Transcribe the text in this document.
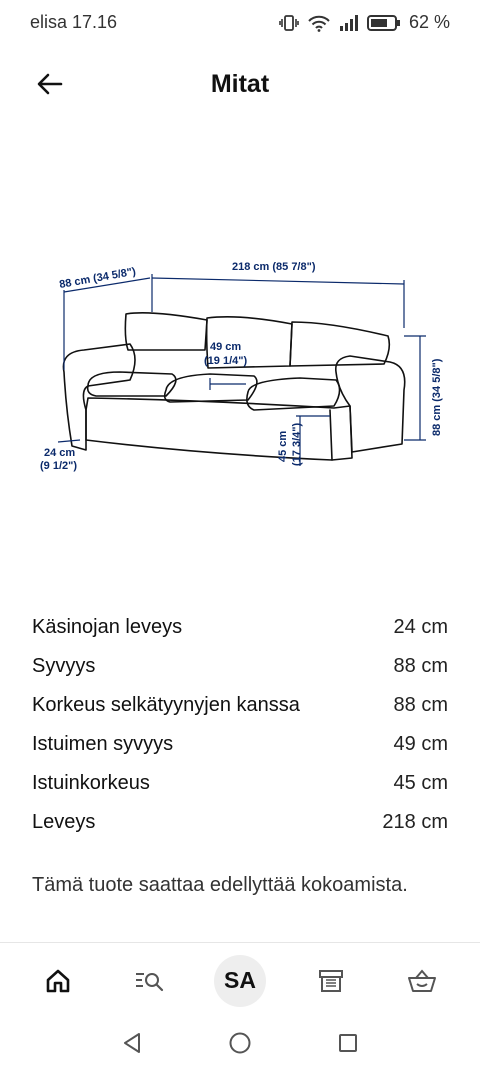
elisa 17.16	62 %
Mitat
218 cm (85 7/8")
88 cm (34 5/8")
88 cm (34 5/8")
49 cm
(19 1/4")
45 cm (17 3/4")
24 cm
(9 1/2")
Käsinojan leveys	24 cm
Syvyys	88 cm
Korkeus selkätyynyjen kanssa	88 cm
Istuimen syvyys	49 cm
Istuinkorkeus	45 cm
Leveys	218 cm
Tämä tuote saattaa edellyttää kokoamista.
SA
